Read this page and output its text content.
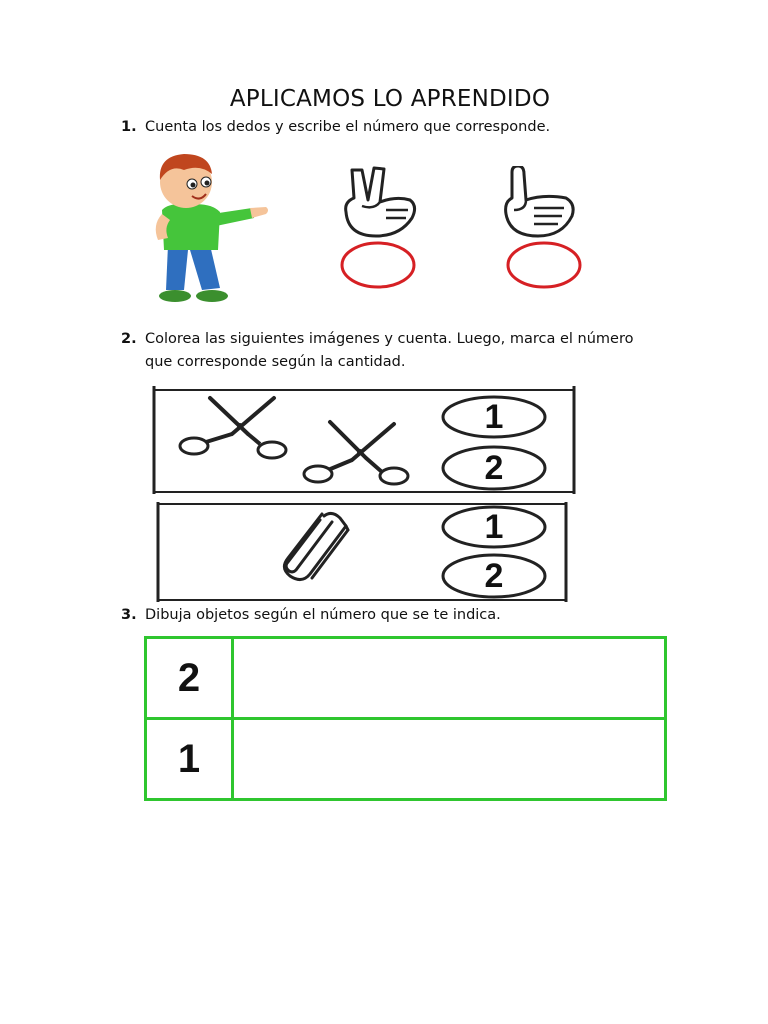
APLICAMOS LO APRENDIDO
1. Cuenta los dedos y escribe el número que corresponde.
2. Colorea las siguientes imágenes y cuenta. Luego, marca el número que corresponde según la cantidad.
1
2
1
2
3. Dibuja objetos según el número que se te indica.
2	
1	
